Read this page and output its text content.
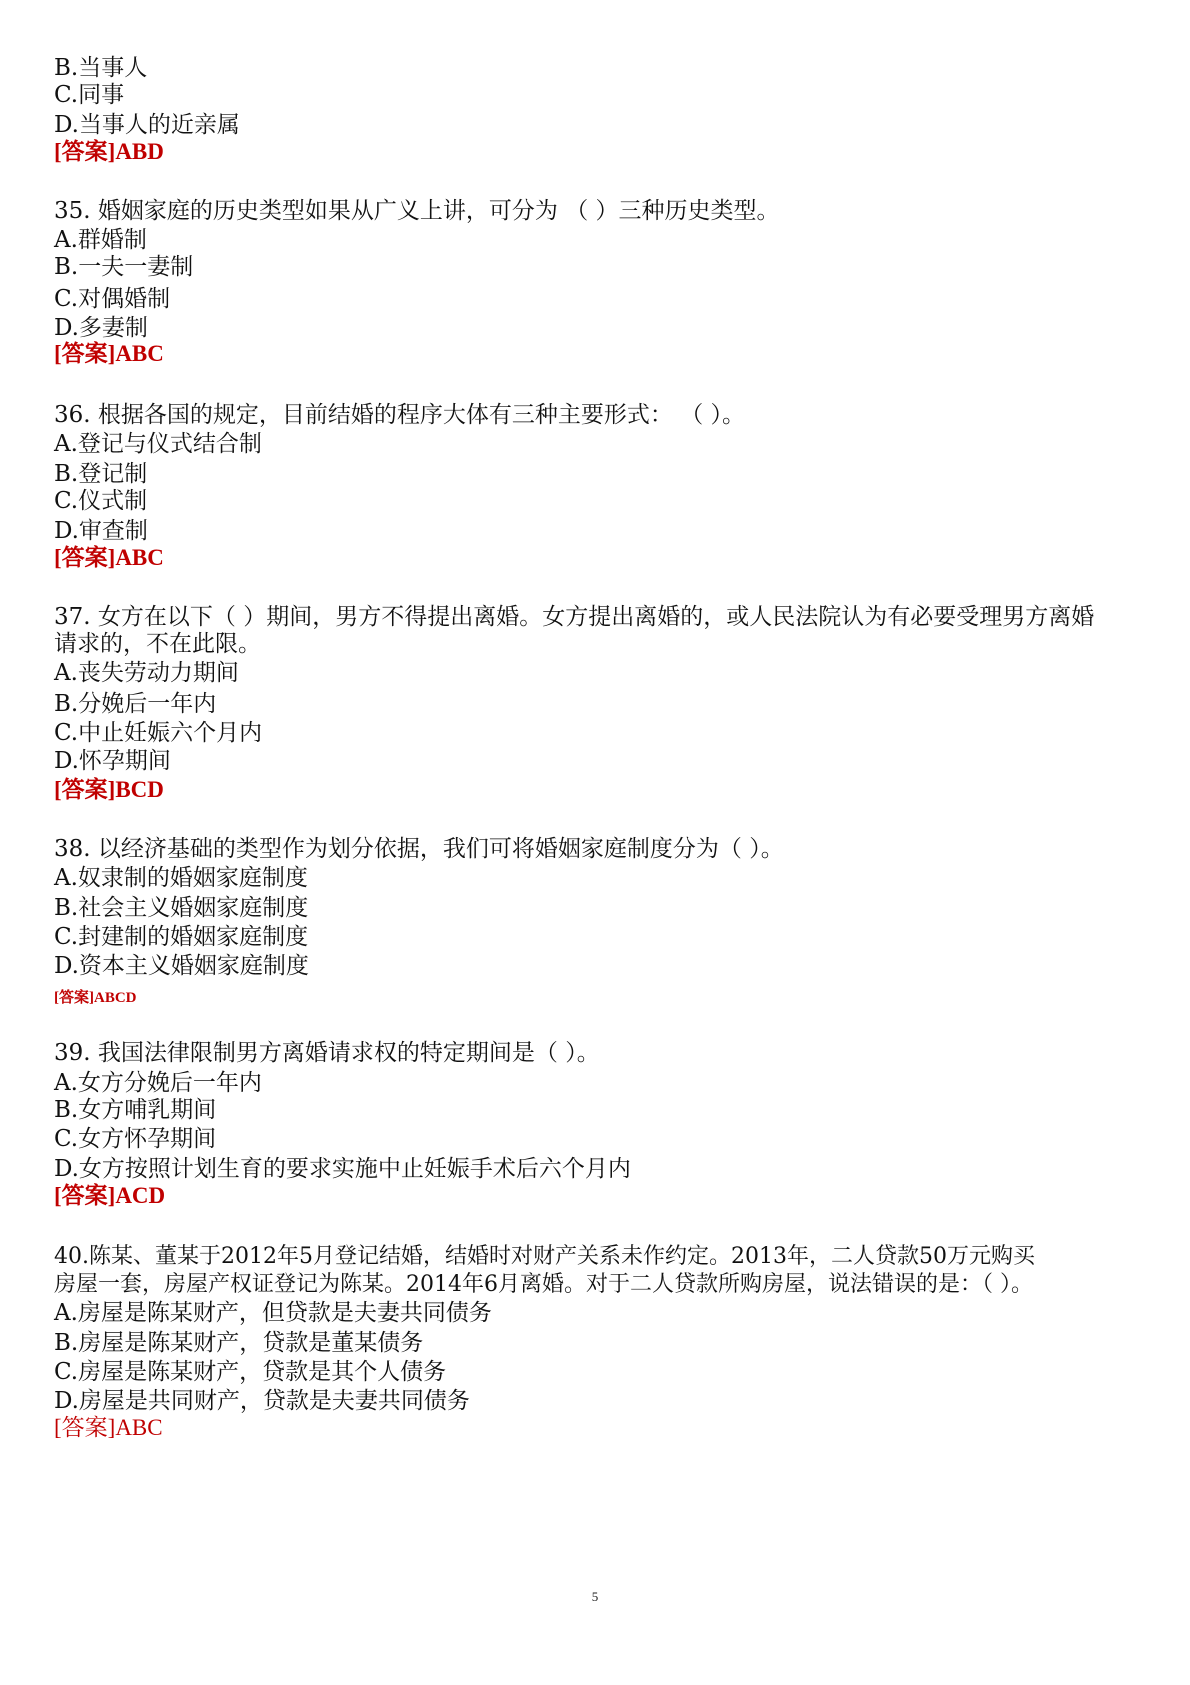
B.当事人

C.同事

D.当事人的近亲属

[答案]ABD

35. 婚姻家庭的历史类型如果从广义上讲，可分为 （ ）三种历史类型。

A.群婚制

B.一夫一妻制

C.对偶婚制

D.多妻制

[答案]ABC

36. 根据各国的规定，目前结婚的程序大体有三种主要形式： （ ）。

A.登记与仪式结合制

B.登记制

C.仪式制

D.审查制

[答案]ABC

37. 女方在以下（ ）期间，男方不得提出离婚。女方提出离婚的，或人民法院认为有必要受理男方离婚

请求的，不在此限。

A.丧失劳动力期间

B.分娩后一年内

C.中止妊娠六个月内

D.怀孕期间

[答案]BCD

38. 以经济基础的类型作为划分依据，我们可将婚姻家庭制度分为（ ）。

A.奴隶制的婚姻家庭制度

B.社会主义婚姻家庭制度

C.封建制的婚姻家庭制度

D.资本主义婚姻家庭制度

[答案]ABCD

39. 我国法律限制男方离婚请求权的特定期间是（ ）。

A.女方分娩后一年内

B.女方哺乳期间

C.女方怀孕期间

D.女方按照计划生育的要求实施中止妊娠手术后六个月内

[答案]ACD

40.陈某、董某于2012年5月登记结婚，结婚时对财产关系未作约定。2013年，二人贷款50万元购买

房屋一套，房屋产权证登记为陈某。2014年6月离婚。对于二人贷款所购房屋，说法错误的是：（ ）。

A.房屋是陈某财产，但贷款是夫妻共同债务

B.房屋是陈某财产，贷款是董某债务

C.房屋是陈某财产，贷款是其个人债务

D.房屋是共同财产，贷款是夫妻共同债务

[答案]ABC

5
